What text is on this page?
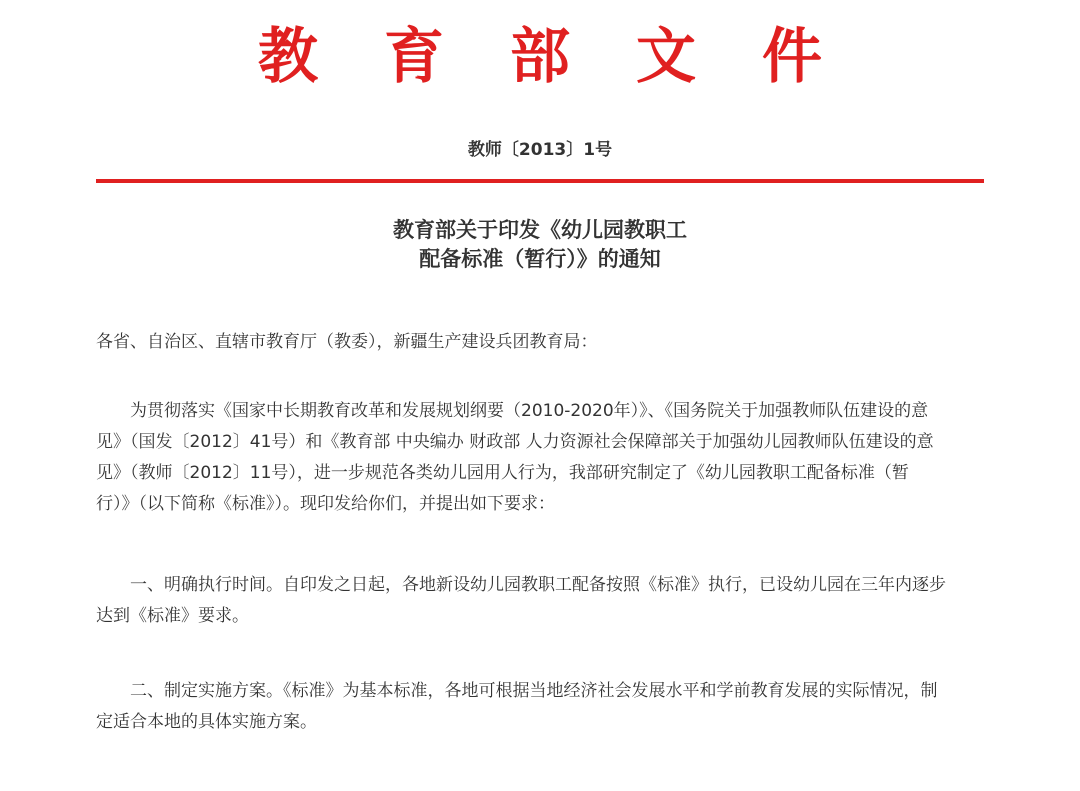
教 育 部 文 件
教师〔2013〕1号
教育部关于印发《幼儿园教职工
配备标准（暂行）》的通知
各省、自治区、直辖市教育厅（教委），新疆生产建设兵团教育局：
为贯彻落实《国家中长期教育改革和发展规划纲要（2010-2020年）》、《国务院关于加强教师队伍建设的意
见》（国发〔2012〕41号）和《教育部 中央编办 财政部 人力资源社会保障部关于加强幼儿园教师队伍建设的意
见》（教师〔2012〕11号），进一步规范各类幼儿园用人行为，我部研究制定了《幼儿园教职工配备标准（暂
行）》（以下简称《标准》）。现印发给你们，并提出如下要求：
一、明确执行时间。自印发之日起，各地新设幼儿园教职工配备按照《标准》执行，已设幼儿园在三年内逐步
达到《标准》要求。
二、制定实施方案。《标准》为基本标准，各地可根据当地经济社会发展水平和学前教育发展的实际情况，制
定适合本地的具体实施方案。
